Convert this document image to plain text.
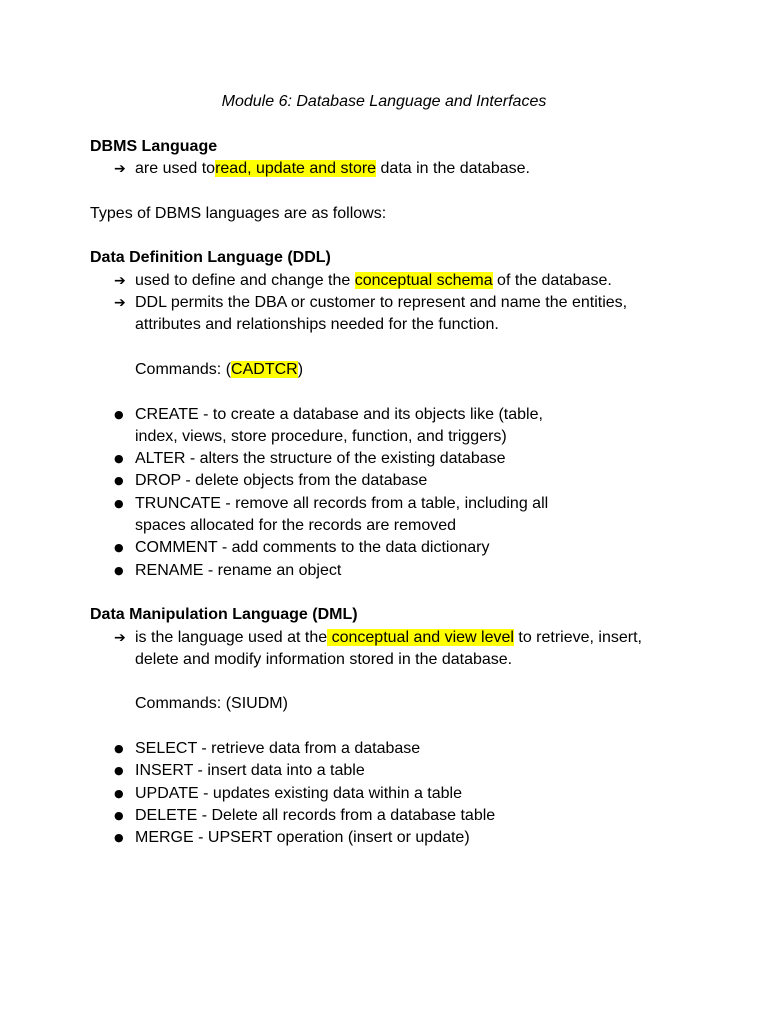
Module 6: Database Language and Interfaces

DBMS Language

➔ are used toread, update and store data in the database.

Types of DBMS languages are as follows:

Data Definition Language (DDL)

➔ used to define and change the conceptual schema of the database.
➔ DDL permits the DBA or customer to represent and name the entities, attributes and relationships needed for the function.

Commands: (CADTCR)

● CREATE - to create a database and its objects like (table, index, views, store procedure, function, and triggers)
● ALTER - alters the structure of the existing database
● DROP - delete objects from the database
● TRUNCATE - remove all records from a table, including all spaces allocated for the records are removed
● COMMENT - add comments to the data dictionary
● RENAME - rename an object

Data Manipulation Language (DML)

➔ is the language used at the conceptual and view level to retrieve, insert, delete and modify information stored in the database.

Commands: (SIUDM)

● SELECT - retrieve data from a database
● INSERT - insert data into a table
● UPDATE - updates existing data within a table
● DELETE - Delete all records from a database table
● MERGE - UPSERT operation (insert or update)
